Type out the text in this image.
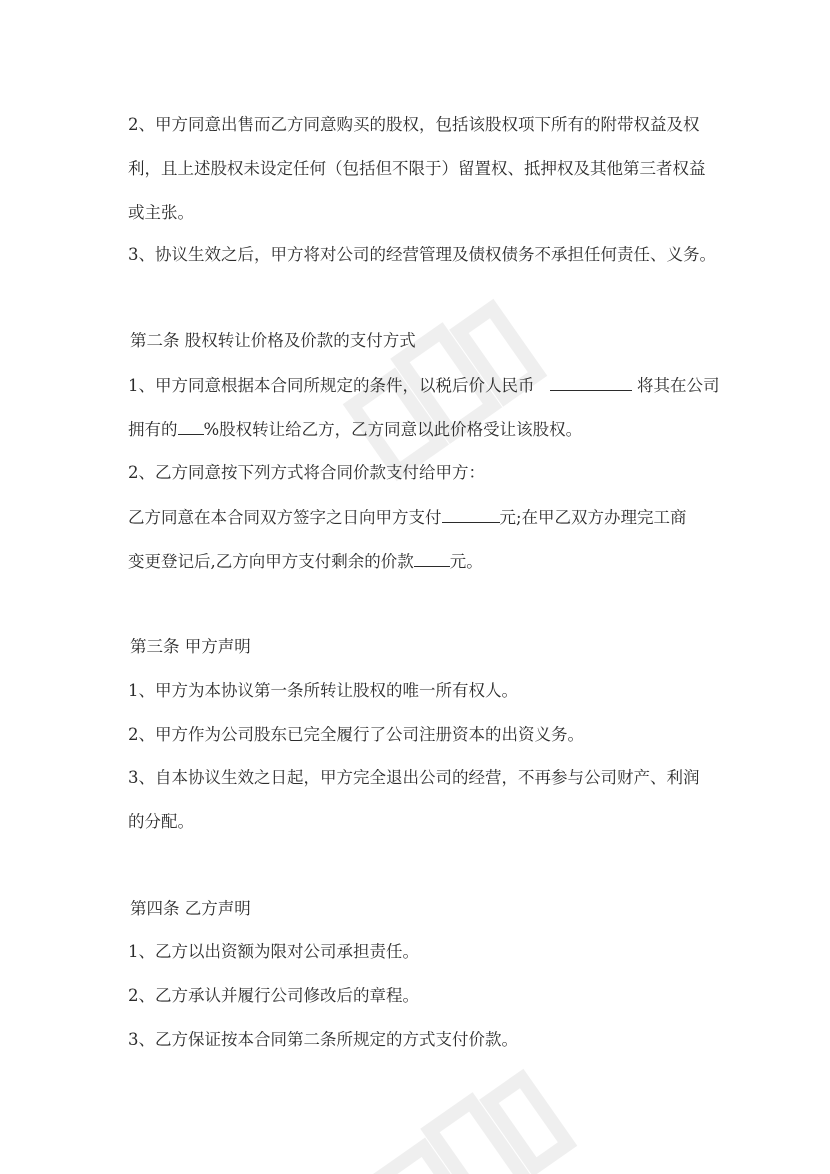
2、甲方同意出售而乙方同意购买的股权，包括该股权项下所有的附带权益及权
利，且上述股权未设定任何（包括但不限于）留置权、抵押权及其他第三者权益
或主张。
3、协议生效之后，甲方将对公司的经营管理及债权债务不承担任何责任、义务。
第二条 股权转让价格及价款的支付方式
1、甲方同意根据本合同所规定的条件，以税后价人民币	将其在公司
拥有的 %股权转让给乙方，乙方同意以此价格受让该股权。
2、乙方同意按下列方式将合同价款支付给甲方：
乙方同意在本合同双方签字之日向甲方支付	元;在甲乙双方办理完工商
变更登记后,乙方向甲方支付剩余的价款 元。
第三条 甲方声明
1、甲方为本协议第一条所转让股权的唯一所有权人。
2、甲方作为公司股东已完全履行了公司注册资本的出资义务。
3、自本协议生效之日起，甲方完全退出公司的经营，不再参与公司财产、利润
的分配。
第四条 乙方声明
1、乙方以出资额为限对公司承担责任。
2、乙方承认并履行公司修改后的章程。
3、乙方保证按本合同第二条所规定的方式支付价款。
